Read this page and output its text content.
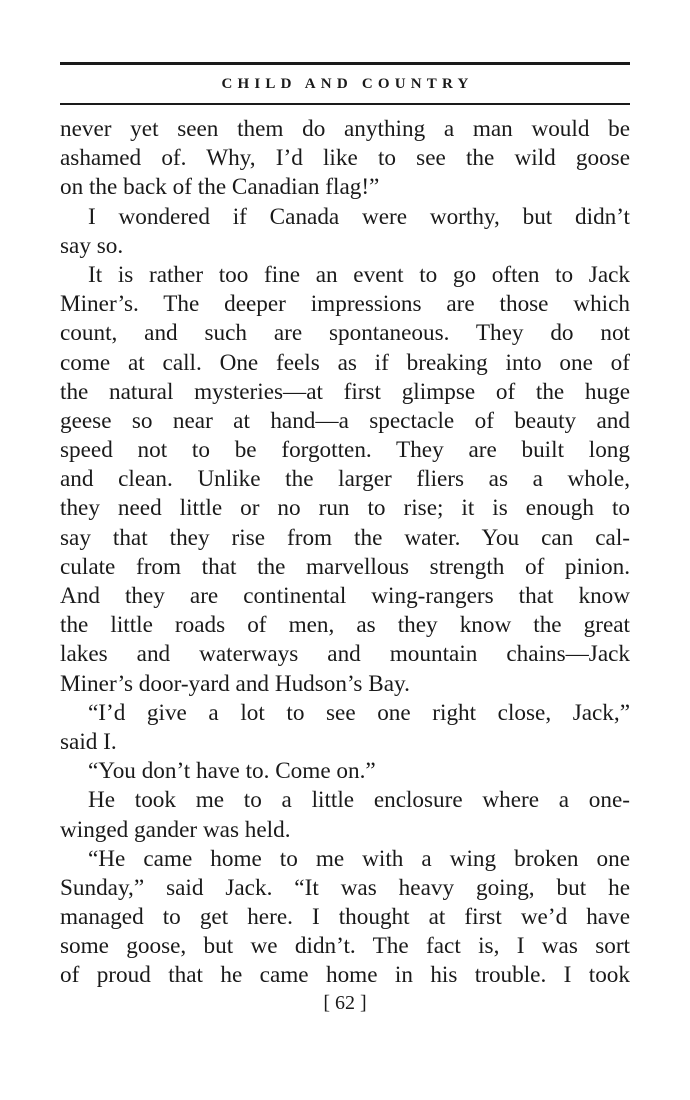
CHILD AND COUNTRY
never yet seen them do anything a man would be
ashamed of. Why, I’d like to see the wild goose
on the back of the Canadian flag!”
I wondered if Canada were worthy, but didn’t
say so.
It is rather too fine an event to go often to Jack
Miner’s. The deeper impressions are those which
count, and such are spontaneous. They do not
come at call. One feels as if breaking into one of
the natural mysteries—at first glimpse of the huge
geese so near at hand—a spectacle of beauty and
speed not to be forgotten. They are built long
and clean. Unlike the larger fliers as a whole,
they need little or no run to rise; it is enough to
say that they rise from the water. You can cal-
culate from that the marvellous strength of pinion.
And they are continental wing-rangers that know
the little roads of men, as they know the great
lakes and waterways and mountain chains—Jack
Miner’s door-yard and Hudson’s Bay.
“I’d give a lot to see one right close, Jack,”
said I.
“You don’t have to. Come on.”
He took me to a little enclosure where a one-
winged gander was held.
“He came home to me with a wing broken one
Sunday,” said Jack. “It was heavy going, but he
managed to get here. I thought at first we’d have
some goose, but we didn’t. The fact is, I was sort
of proud that he came home in his trouble. I took
[ 62 ]
